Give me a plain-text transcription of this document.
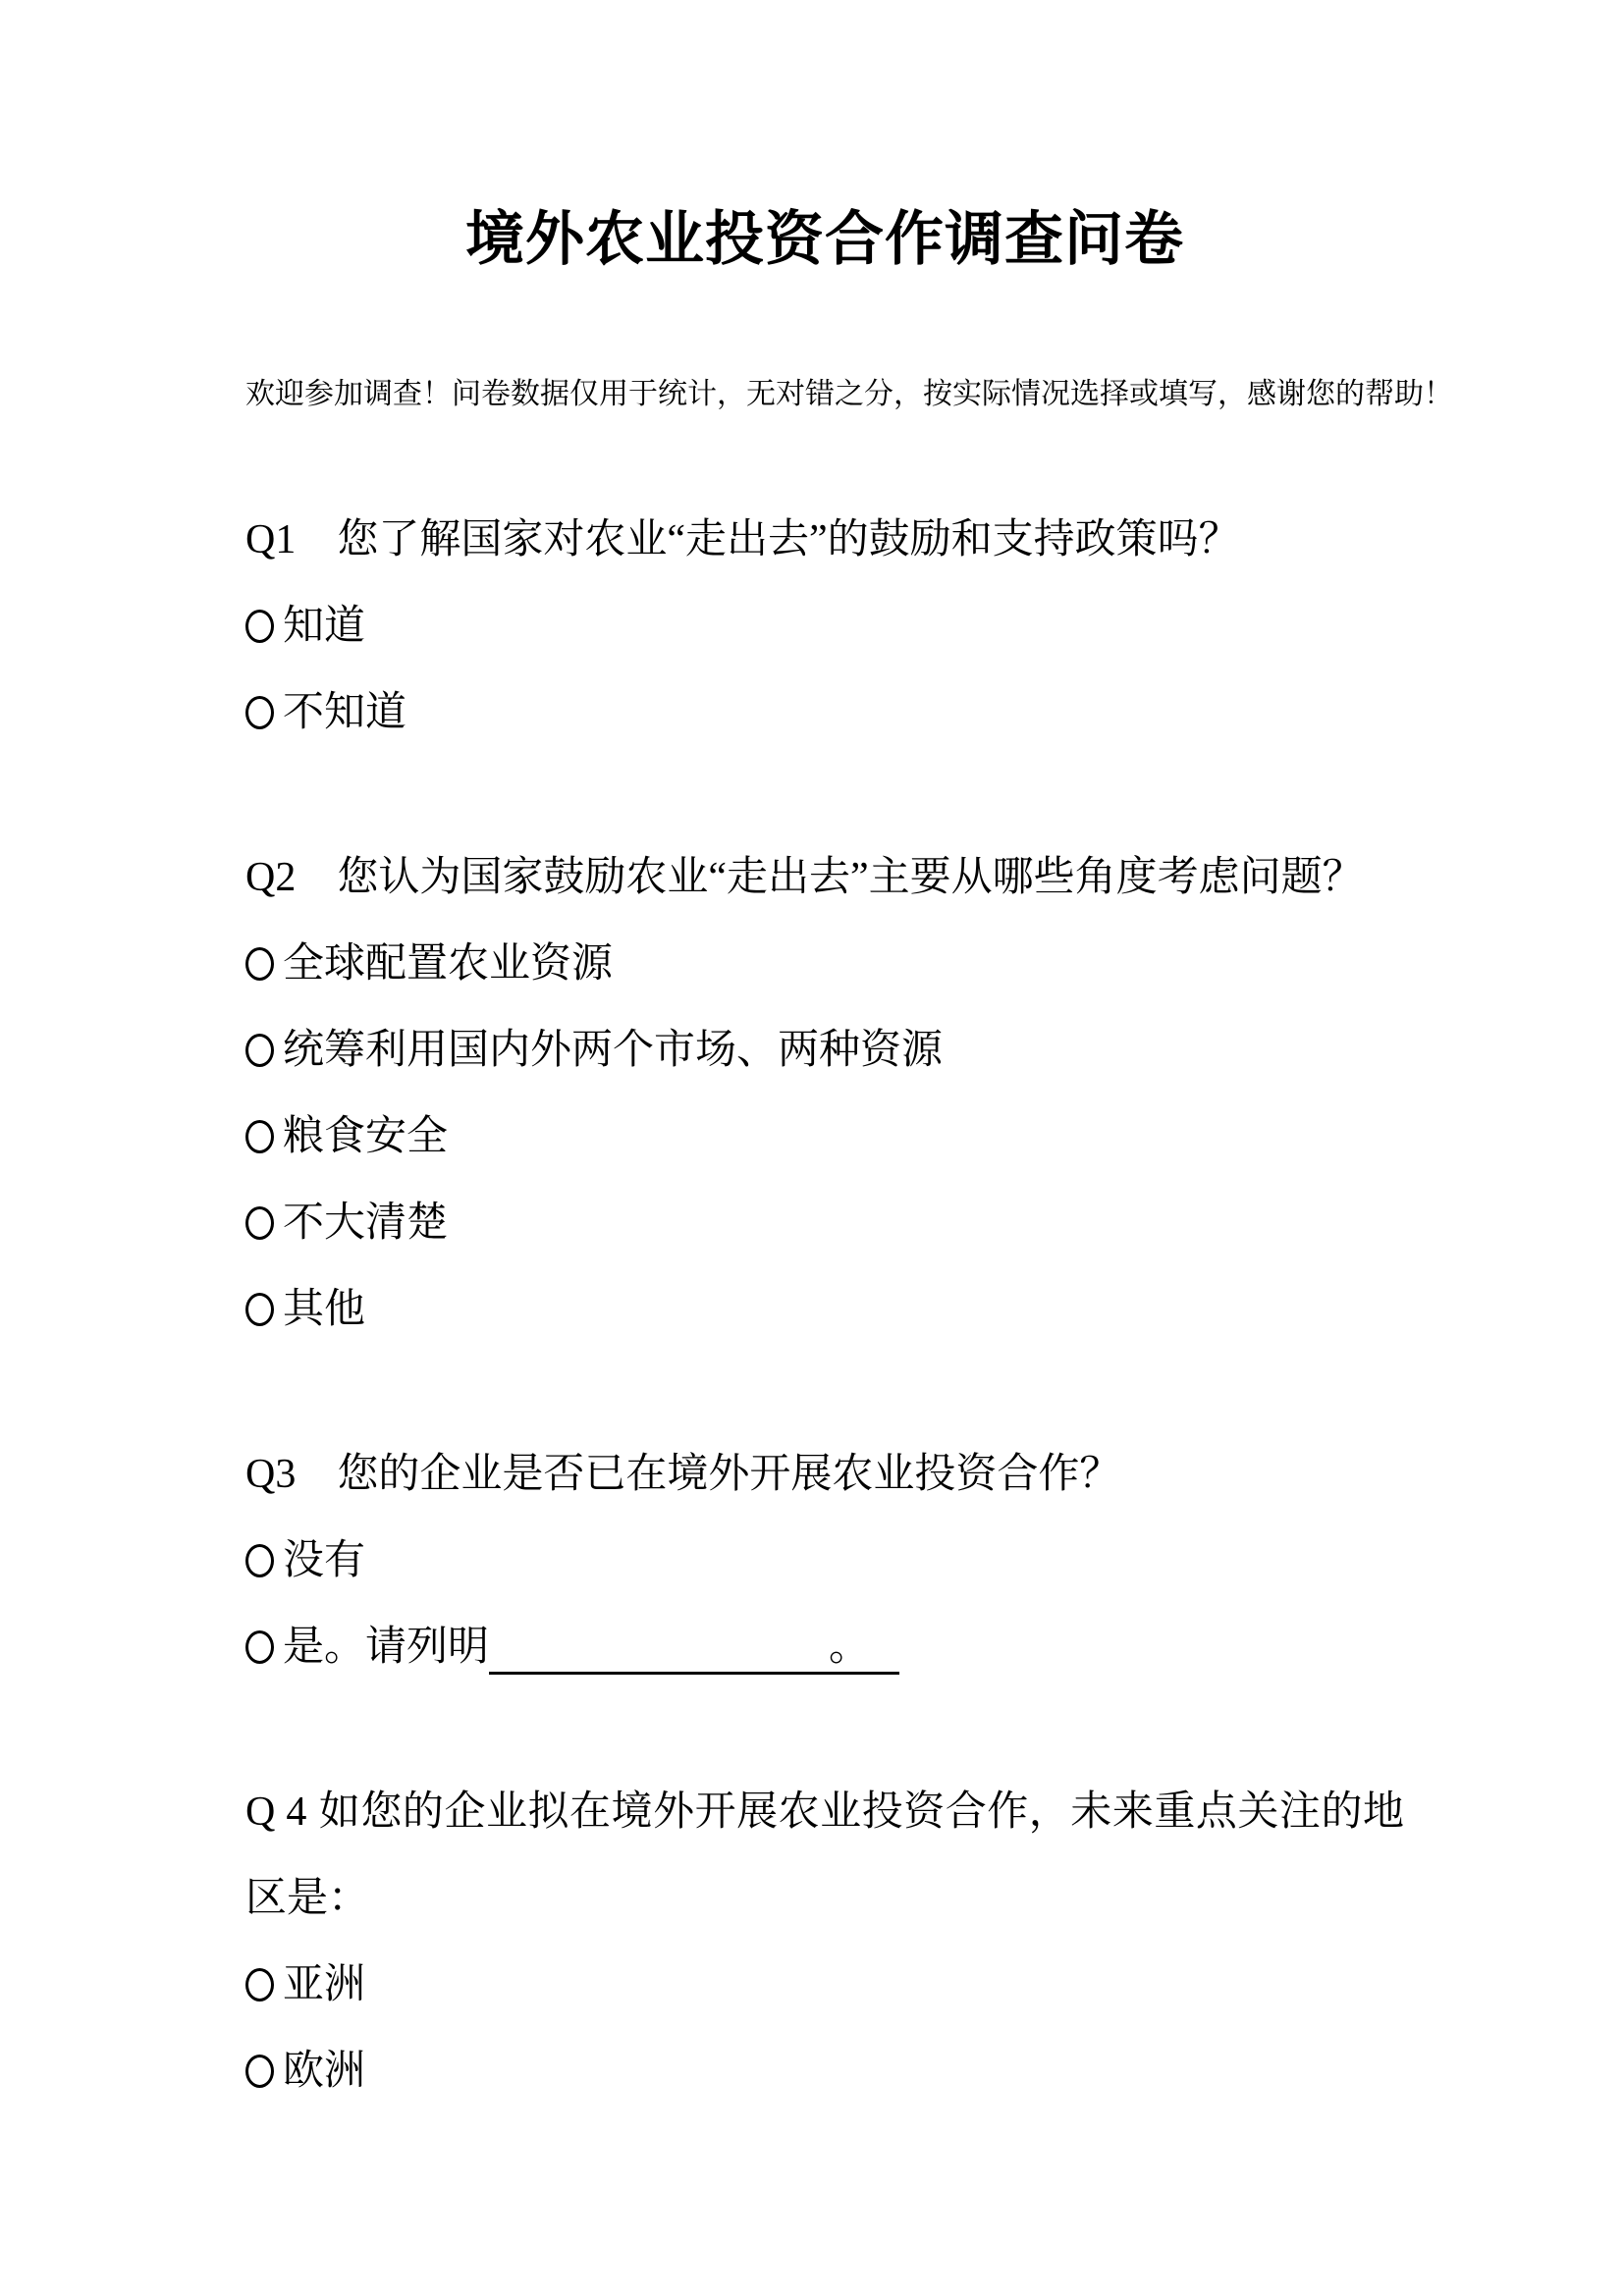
境外农业投资合作调查问卷

欢迎参加调查！问卷数据仅用于统计，无对错之分，按实际情况选择或填写，感谢您的帮助！

Q1 您了解国家对农业“走出去”的鼓励和支持政策吗？

知道
不知道

Q2 您认为国家鼓励农业“走出去”主要从哪些角度考虑问题？

全球配置农业资源
统筹利用国内外两个市场、两种资源
粮食安全
不大清楚
其他

Q3 您的企业是否已在境外开展农业投资合作？

没有
是。请列明	。

Q 4 如您的企业拟在境外开展农业投资合作，未来重点关注的地区是：

亚洲
欧洲
